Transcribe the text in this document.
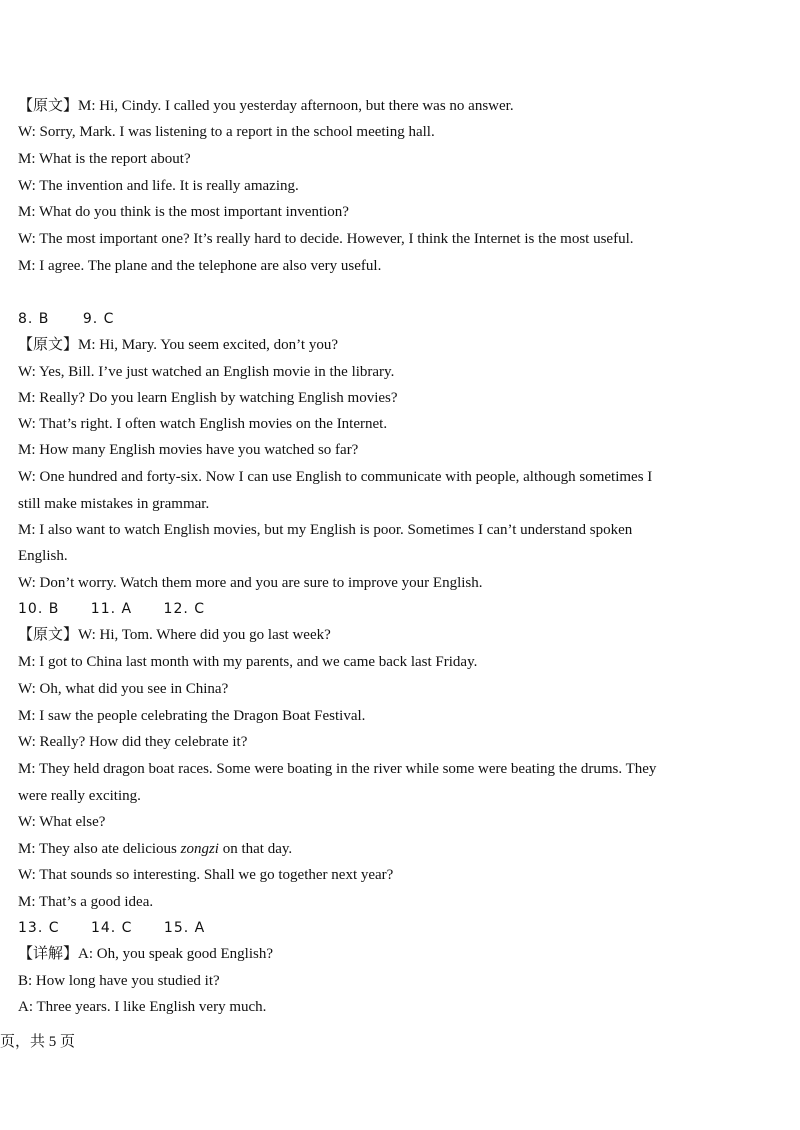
【原文】M: Hi, Cindy. I called you yesterday afternoon, but there was no answer.
W: Sorry, Mark. I was listening to a report in the school meeting hall.
M: What is the report about?
W: The invention and life. It is really amazing.
M: What do you think is the most important invention?
W: The most important one? It’s really hard to decide. However, I think the Internet is the most useful.
M: I agree. The plane and the telephone are also very useful.
8. B 9. C
【原文】M: Hi, Mary. You seem excited, don’t you?
W: Yes, Bill. I’ve just watched an English movie in the library.
M: Really? Do you learn English by watching English movies?
W: That’s right. I often watch English movies on the Internet.
M: How many English movies have you watched so far?
W: One hundred and forty-six. Now I can use English to communicate with people, although sometimes I
still make mistakes in grammar.
M: I also want to watch English movies, but my English is poor. Sometimes I can’t understand spoken
English.
W: Don’t worry. Watch them more and you are sure to improve your English.
10. B 11. A 12. C
【原文】W: Hi, Tom. Where did you go last week?
M: I got to China last month with my parents, and we came back last Friday.
W: Oh, what did you see in China?
M: I saw the people celebrating the Dragon Boat Festival.
W: Really? How did they celebrate it?
M: They held dragon boat races. Some were boating in the river while some were beating the drums. They
were really exciting.
W: What else?
M: They also ate delicious zongzi on that day.
W: That sounds so interesting. Shall we go together next year?
M: That’s a good idea.
13. C 14. C 15. A
【详解】A: Oh, you speak good English?
B: How long have you studied it?
A: Three years. I like English very much.
页，共 5 页
